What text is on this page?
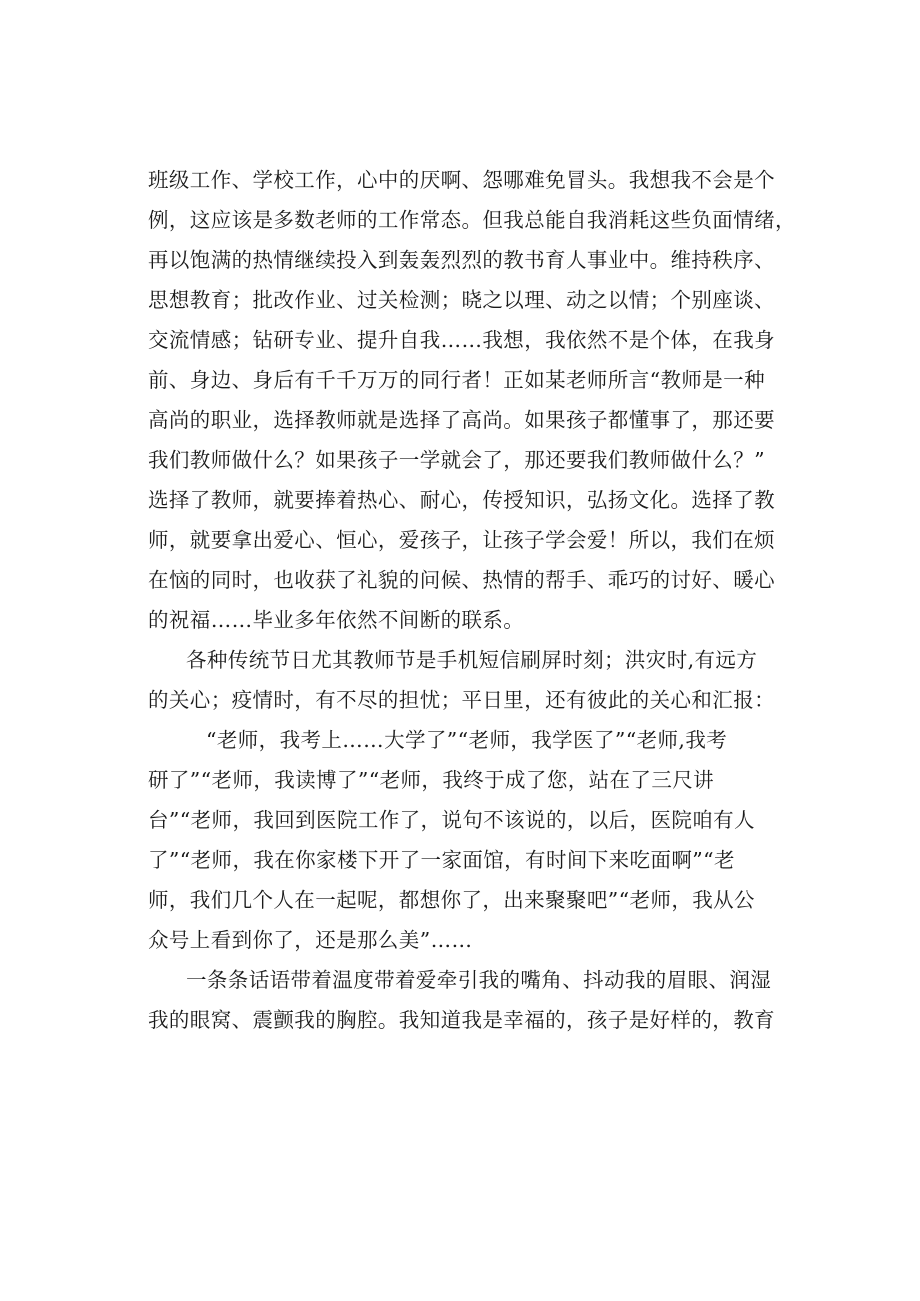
班级工作、学校工作，心中的厌啊、怨哪难免冒头。我想我不会是个
例，这应该是多数老师的工作常态。但我总能自我消耗这些负面情绪，
再以饱满的热情继续投入到轰轰烈烈的教书育人事业中。维持秩序、
思想教育；批改作业、过关检测；晓之以理、动之以情；个别座谈、
交流情感；钻研专业、提升自我……我想，我依然不是个体，在我身
前、身边、身后有千千万万的同行者！正如某老师所言“教师是一种
高尚的职业，选择教师就是选择了高尚。如果孩子都懂事了，那还要
我们教师做什么？如果孩子一学就会了，那还要我们教师做什么？”
选择了教师，就要捧着热心、耐心，传授知识，弘扬文化。选择了教
师，就要拿出爱心、恒心，爱孩子，让孩子学会爱！所以，我们在烦
在恼的同时，也收获了礼貌的问候、热情的帮手、乖巧的讨好、暖心
的祝福……毕业多年依然不间断的联系。
各种传统节日尤其教师节是手机短信刷屏时刻；洪灾时,有远方
的关心；疫情时，有不尽的担忧；平日里，还有彼此的关心和汇报：
“老师，我考上……大学了”“老师，我学医了”“老师,我考
研了”“老师，我读博了”“老师，我终于成了您，站在了三尺讲
台”“老师，我回到医院工作了，说句不该说的，以后，医院咱有人
了”“老师，我在你家楼下开了一家面馆，有时间下来吃面啊”“老
师，我们几个人在一起呢，都想你了，出来聚聚吧”“老师，我从公
众号上看到你了，还是那么美”……
一条条话语带着温度带着爱牵引我的嘴角、抖动我的眉眼、润湿
我的眼窝、震颤我的胸腔。我知道我是幸福的，孩子是好样的，教育
